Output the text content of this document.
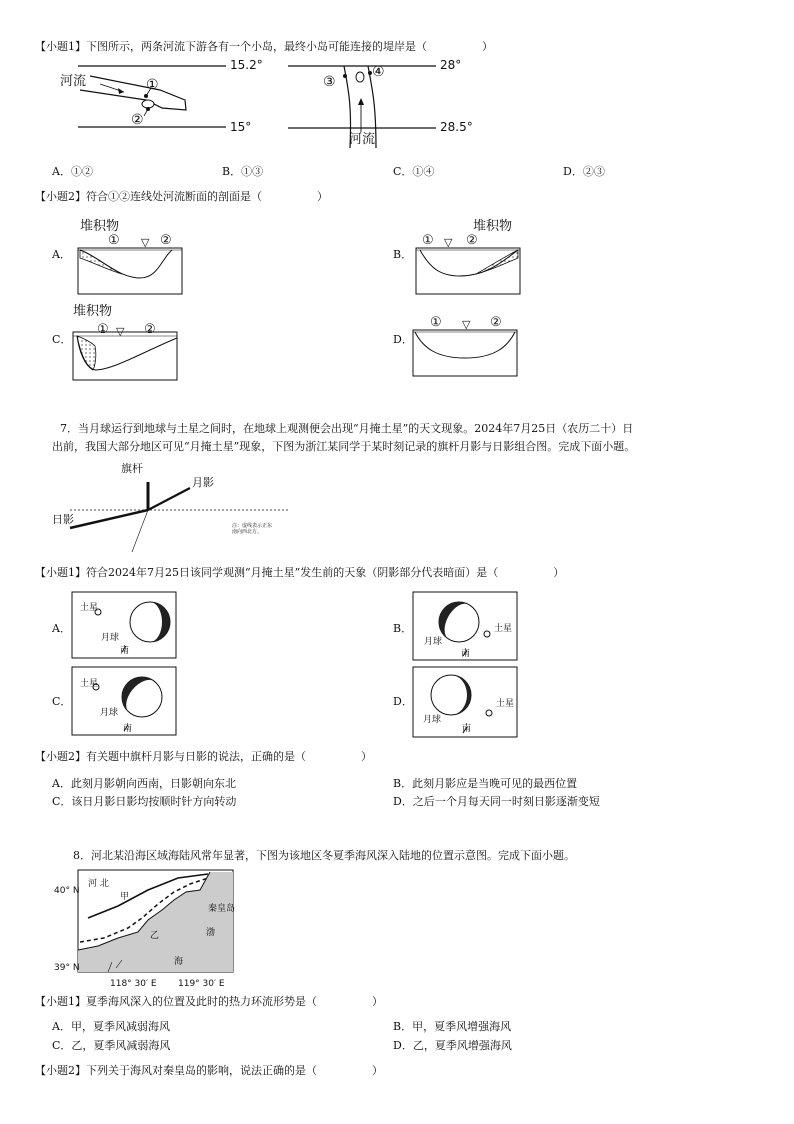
【小题1】下图所示，两条河流下游各有一个小岛，最终小岛可能连接的堤岸是（　　　　　）
河流
15.2°
15°
①
②
③
④	28°
28.5°
河流
A．①②	B．①③	C．①④	D．②③
【小题2】符合①②连线处河流断面的剖面是（　　　　　）
A．
堆积物
① ▽ ②
B．
堆积物
① ▽ ②
C．
堆积物
① ▽ ②
D．
① ▽ ②
7．当月球运行到地球与土星之间时，在地球上观测便会出现“月掩土星”的天文现象。2024年7月25日（农历二十）日
出前，我国大部分地区可见“月掩土星”现象，下图为浙江某同学于某时刻记录的旗杆月影与日影组合图。完成下面小题。
旗杆
月影
日影	注：虚线表示正东南向西北方。
【小题1】符合2024年7月25日该同学观测“月掩土星”发生前的天象（阴影部分代表暗面）是（　　　　　）
A．
土星
月球
南
B．	土星
月球
南
C．
土星
月球
南
D．	土星
月球
南
【小题2】有关题中旗杆月影与日影的说法，正确的是（　　　　　）
A．此刻月影朝向西南，日影朝向东北	B．此刻月影应是当晚可见的最西位置
C．该日月影日影均按顺时针方向转动	D．之后一个月每天同一时刻日影逐渐变短
8．河北某沿海区域海陆风常年显著，下图为该地区冬夏季海风深入陆地的位置示意图。完成下面小题。
40° N
39° N
118° 30′ E 119° 30′ E
河 北
甲
乙
秦皇岛
渤
海
【小题1】夏季海风深入的位置及此时的热力环流形势是（　　　　　）
A．甲，夏季风减弱海风	B．甲，夏季风增强海风
C．乙，夏季风减弱海风	D．乙，夏季风增强海风
【小题2】下列关于海风对秦皇岛的影响，说法正确的是（　　　　　）
